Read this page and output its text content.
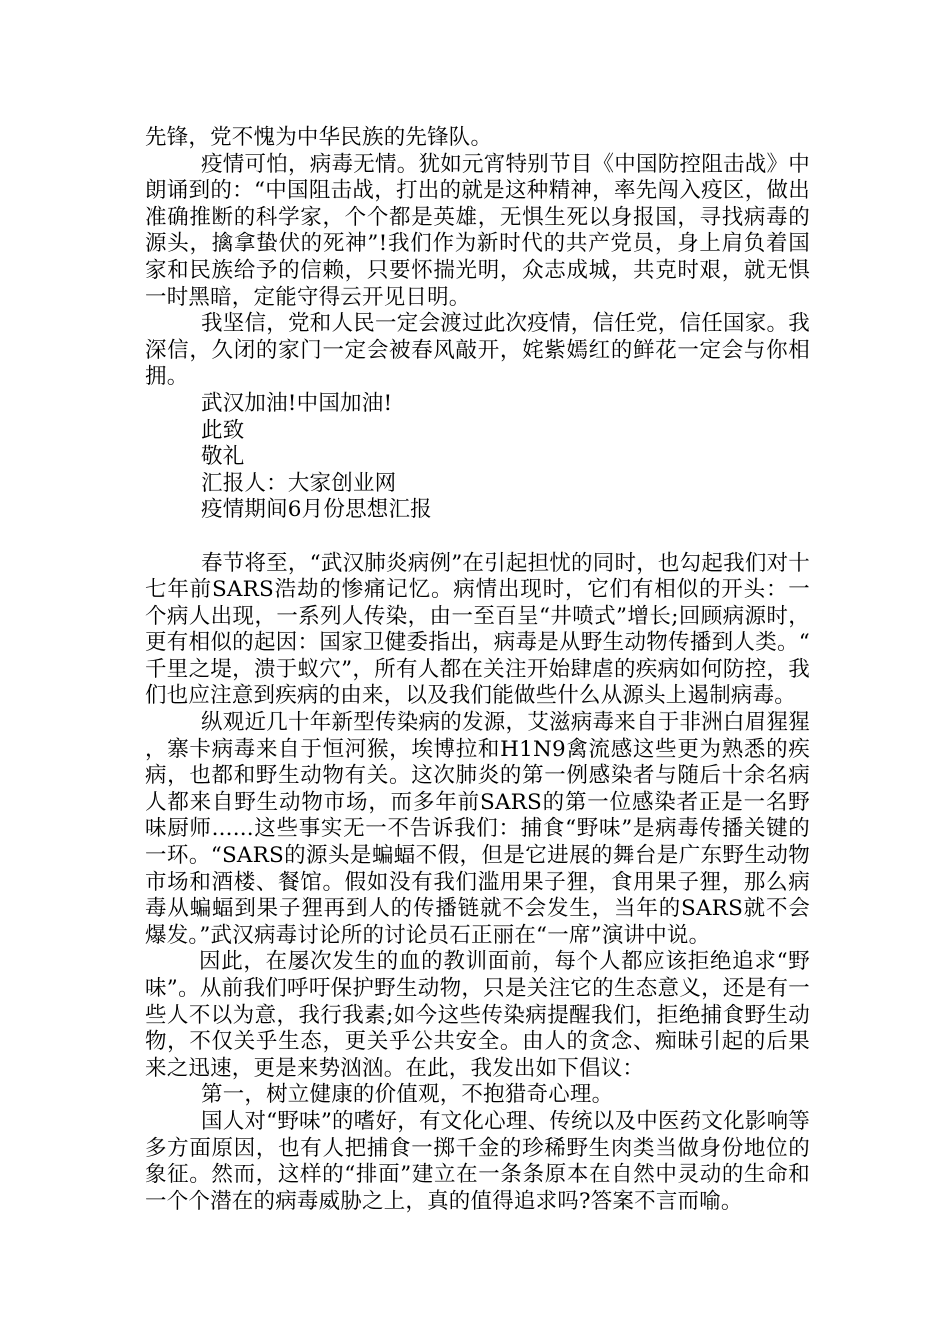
先锋，党不愧为中华民族的先锋队。

疫情可怕，病毒无情。犹如元宵特别节目《中国防控阻击战》中朗诵到的：“中国阻击战，打出的就是这种精神，率先闯入疫区，做出准确推断的科学家，个个都是英雄，无惧生死以身报国，寻找病毒的源头，擒拿蛰伏的死神”!我们作为新时代的共产党员，身上肩负着国家和民族给予的信赖，只要怀揣光明，众志成城，共克时艰，就无惧一时黑暗，定能守得云开见日明。

我坚信，党和人民一定会渡过此次疫情，信任党，信任国家。我深信，久闭的家门一定会被春风敲开，姹紫嫣红的鲜花一定会与你相拥。

武汉加油!中国加油!

此致

敬礼

汇报人：大家创业网

疫情期间6月份思想汇报

春节将至，“武汉肺炎病例”在引起担忧的同时，也勾起我们对十七年前SARS浩劫的惨痛记忆。病情出现时，它们有相似的开头：一个病人出现，一系列人传染，由一至百呈“井喷式”增长;回顾病源时，更有相似的起因：国家卫健委指出，病毒是从野生动物传播到人类。“千里之堤，溃于蚁穴”，所有人都在关注开始肆虐的疾病如何防控，我们也应注意到疾病的由来，以及我们能做些什么从源头上遏制病毒。

纵观近几十年新型传染病的发源，艾滋病毒来自于非洲白眉猩猩，寨卡病毒来自于恒河猴，埃博拉和H1N9禽流感这些更为熟悉的疾病，也都和野生动物有关。这次肺炎的第一例感染者与随后十余名病人都来自野生动物市场，而多年前SARS的第一位感染者正是一名野味厨师......这些事实无一不告诉我们：捕食“野味”是病毒传播关键的一环。“SARS的源头是蝙蝠不假，但是它进展的舞台是广东野生动物市场和酒楼、餐馆。假如没有我们滥用果子狸，食用果子狸，那么病毒从蝙蝠到果子狸再到人的传播链就不会发生，当年的SARS就不会爆发。”武汉病毒讨论所的讨论员石正丽在“一席”演讲中说。

因此，在屡次发生的血的教训面前，每个人都应该拒绝追求“野味”。从前我们呼吁保护野生动物，只是关注它的生态意义，还是有一些人不以为意，我行我素;如今这些传染病提醒我们，拒绝捕食野生动物，不仅关乎生态，更关乎公共安全。由人的贪念、痴昧引起的后果来之迅速，更是来势汹汹。在此，我发出如下倡议：

第一，树立健康的价值观，不抱猎奇心理。

国人对“野味”的嗜好，有文化心理、传统以及中医药文化影响等多方面原因，也有人把捕食一掷千金的珍稀野生肉类当做身份地位的象征。然而，这样的“排面”建立在一条条原本在自然中灵动的生命和一个个潜在的病毒威胁之上，真的值得追求吗?答案不言而喻。
